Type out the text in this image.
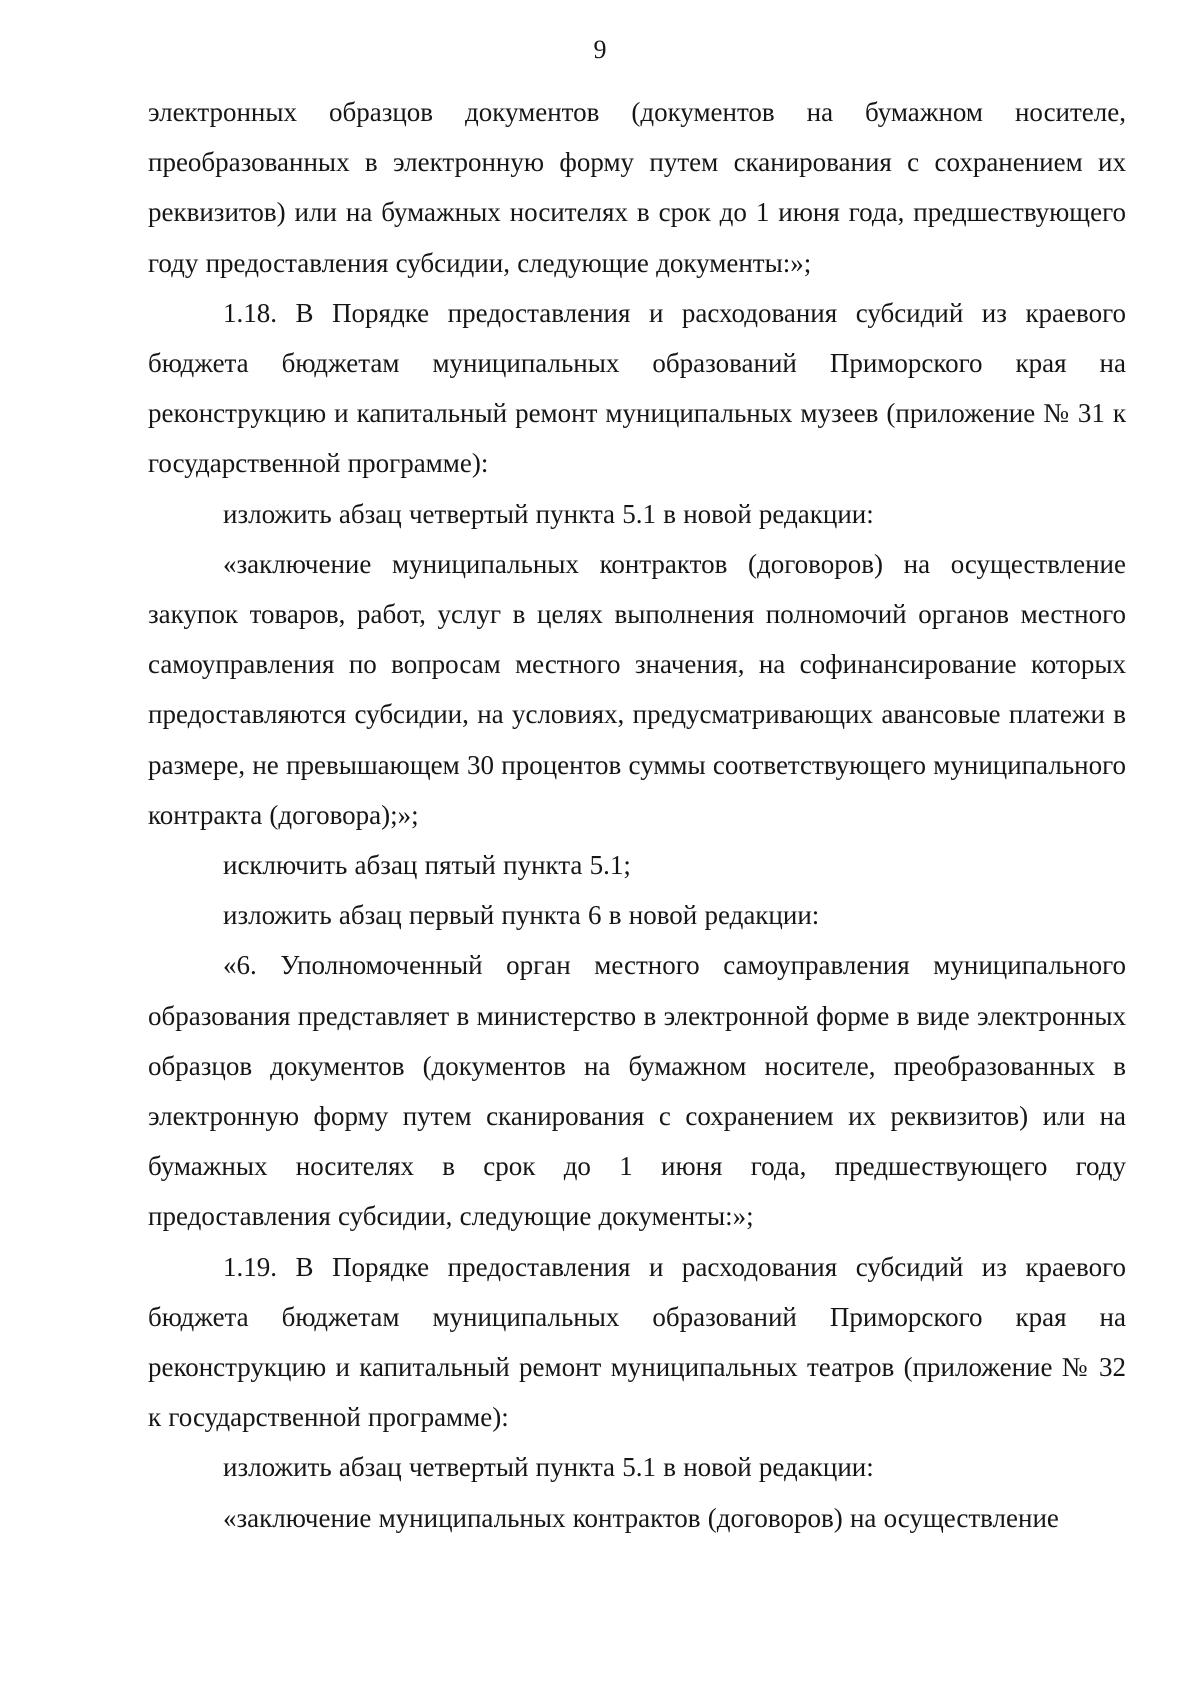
9

электронных образцов документов (документов на бумажном носителе, преобразованных в электронную форму путем сканирования с сохранением их реквизитов) или на бумажных носителях в срок до 1 июня года, предшествующего году предоставления субсидии, следующие документы:»;

1.18. В Порядке предоставления и расходования субсидий из краевого бюджета бюджетам муниципальных образований Приморского края на реконструкцию и капитальный ремонт муниципальных музеев (приложение № 31 к государственной программе):

изложить абзац четвертый пункта 5.1 в новой редакции:

«заключение муниципальных контрактов (договоров) на осуществление закупок товаров, работ, услуг в целях выполнения полномочий органов местного самоуправления по вопросам местного значения, на софинансирование которых предоставляются субсидии, на условиях, предусматривающих авансовые платежи в размере, не превышающем 30 процентов суммы соответствующего муниципального контракта (договора);»;

исключить абзац пятый пункта 5.1;

изложить абзац первый пункта 6 в новой редакции:

«6. Уполномоченный орган местного самоуправления муниципального образования представляет в министерство в электронной форме в виде электронных образцов документов (документов на бумажном носителе, преобразованных в электронную форму путем сканирования с сохранением их реквизитов) или на бумажных носителях в срок до 1 июня года, предшествующего году предоставления субсидии, следующие документы:»;

1.19. В Порядке предоставления и расходования субсидий из краевого бюджета бюджетам муниципальных образований Приморского края на реконструкцию и капитальный ремонт муниципальных театров (приложение № 32 к государственной программе):

изложить абзац четвертый пункта 5.1 в новой редакции:

«заключение муниципальных контрактов (договоров) на осуществление
